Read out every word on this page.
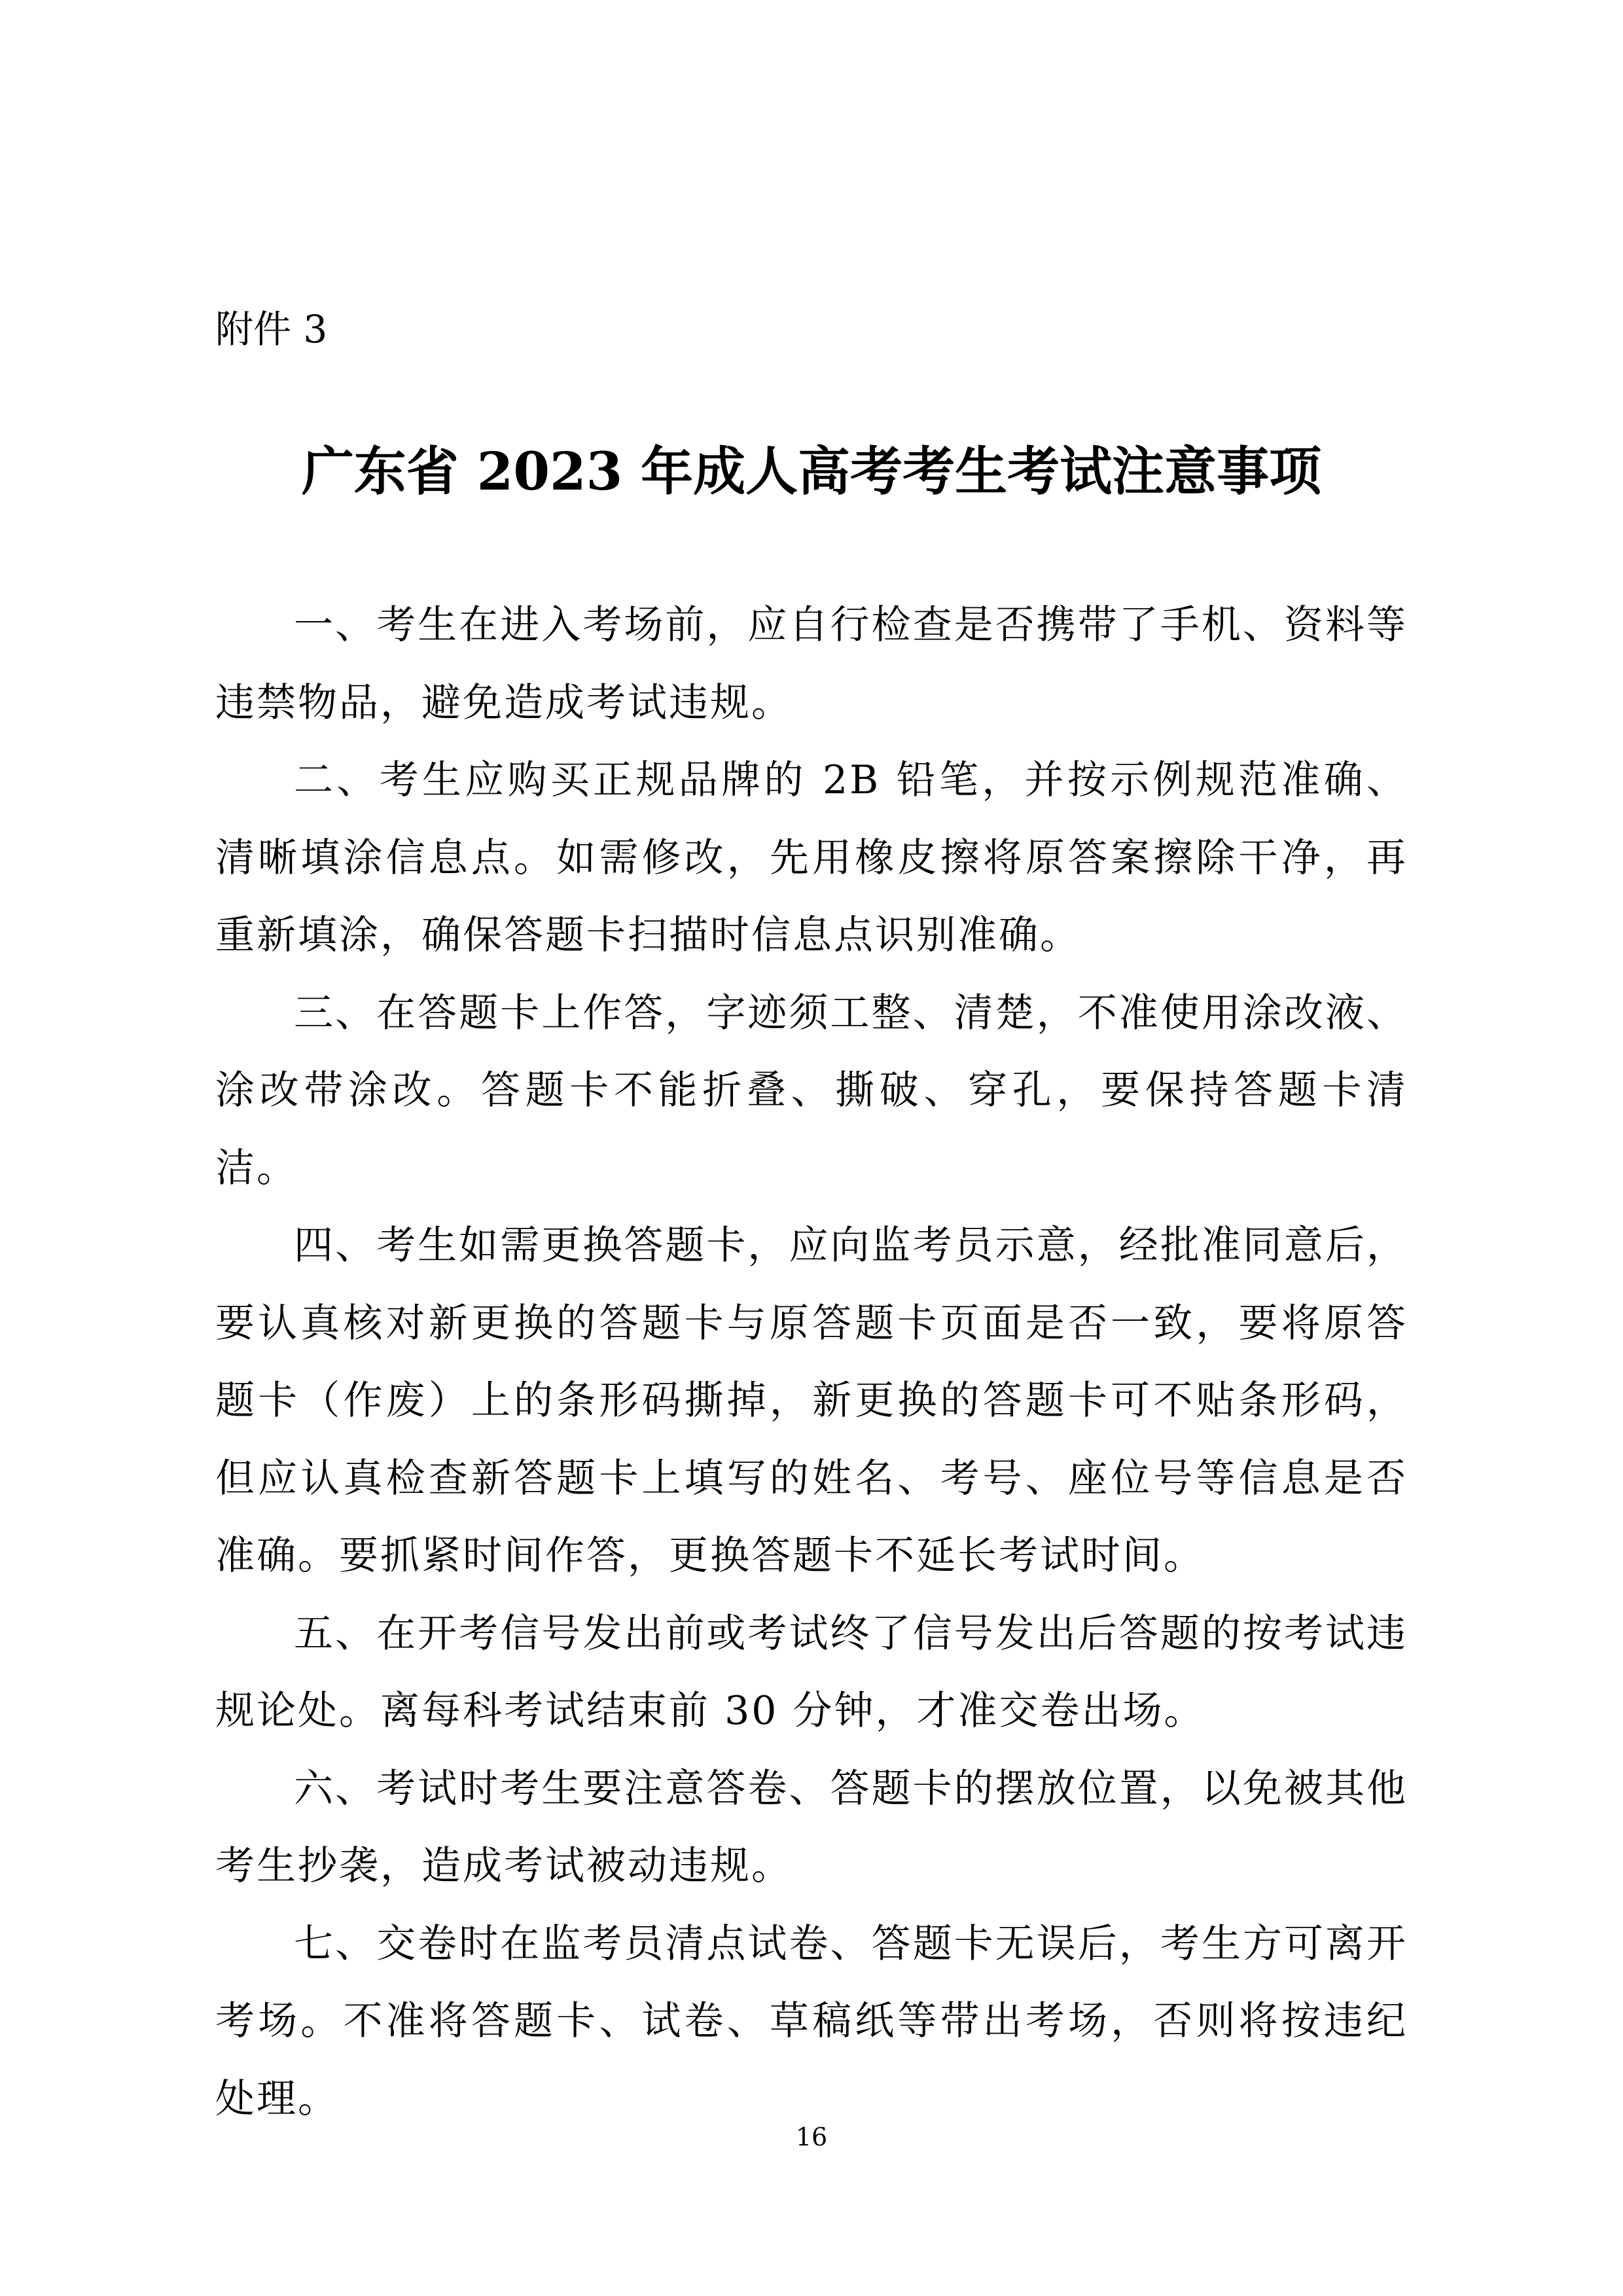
附件 3
广东省 2023 年成人高考考生考试注意事项

一、考生在进入考场前，应自行检查是否携带了手机、资料等违禁物品，避免造成考试违规。

二、考生应购买正规品牌的 2B 铅笔，并按示例规范准确、清晰填涂信息点。如需修改，先用橡皮擦将原答案擦除干净，再重新填涂，确保答题卡扫描时信息点识别准确。

三、在答题卡上作答，字迹须工整、清楚，不准使用涂改液、涂改带涂改。答题卡不能折叠、撕破、穿孔，要保持答题卡清洁。

四、考生如需更换答题卡，应向监考员示意，经批准同意后，要认真核对新更换的答题卡与原答题卡页面是否一致，要将原答题卡（作废）上的条形码撕掉，新更换的答题卡可不贴条形码，但应认真检查新答题卡上填写的姓名、考号、座位号等信息是否准确。要抓紧时间作答，更换答题卡不延长考试时间。

五、在开考信号发出前或考试终了信号发出后答题的按考试违规论处。离每科考试结束前 30 分钟，才准交卷出场。

六、考试时考生要注意答卷、答题卡的摆放位置，以免被其他考生抄袭，造成考试被动违规。

七、交卷时在监考员清点试卷、答题卡无误后，考生方可离开考场。不准将答题卡、试卷、草稿纸等带出考场，否则将按违纪处理。

16
